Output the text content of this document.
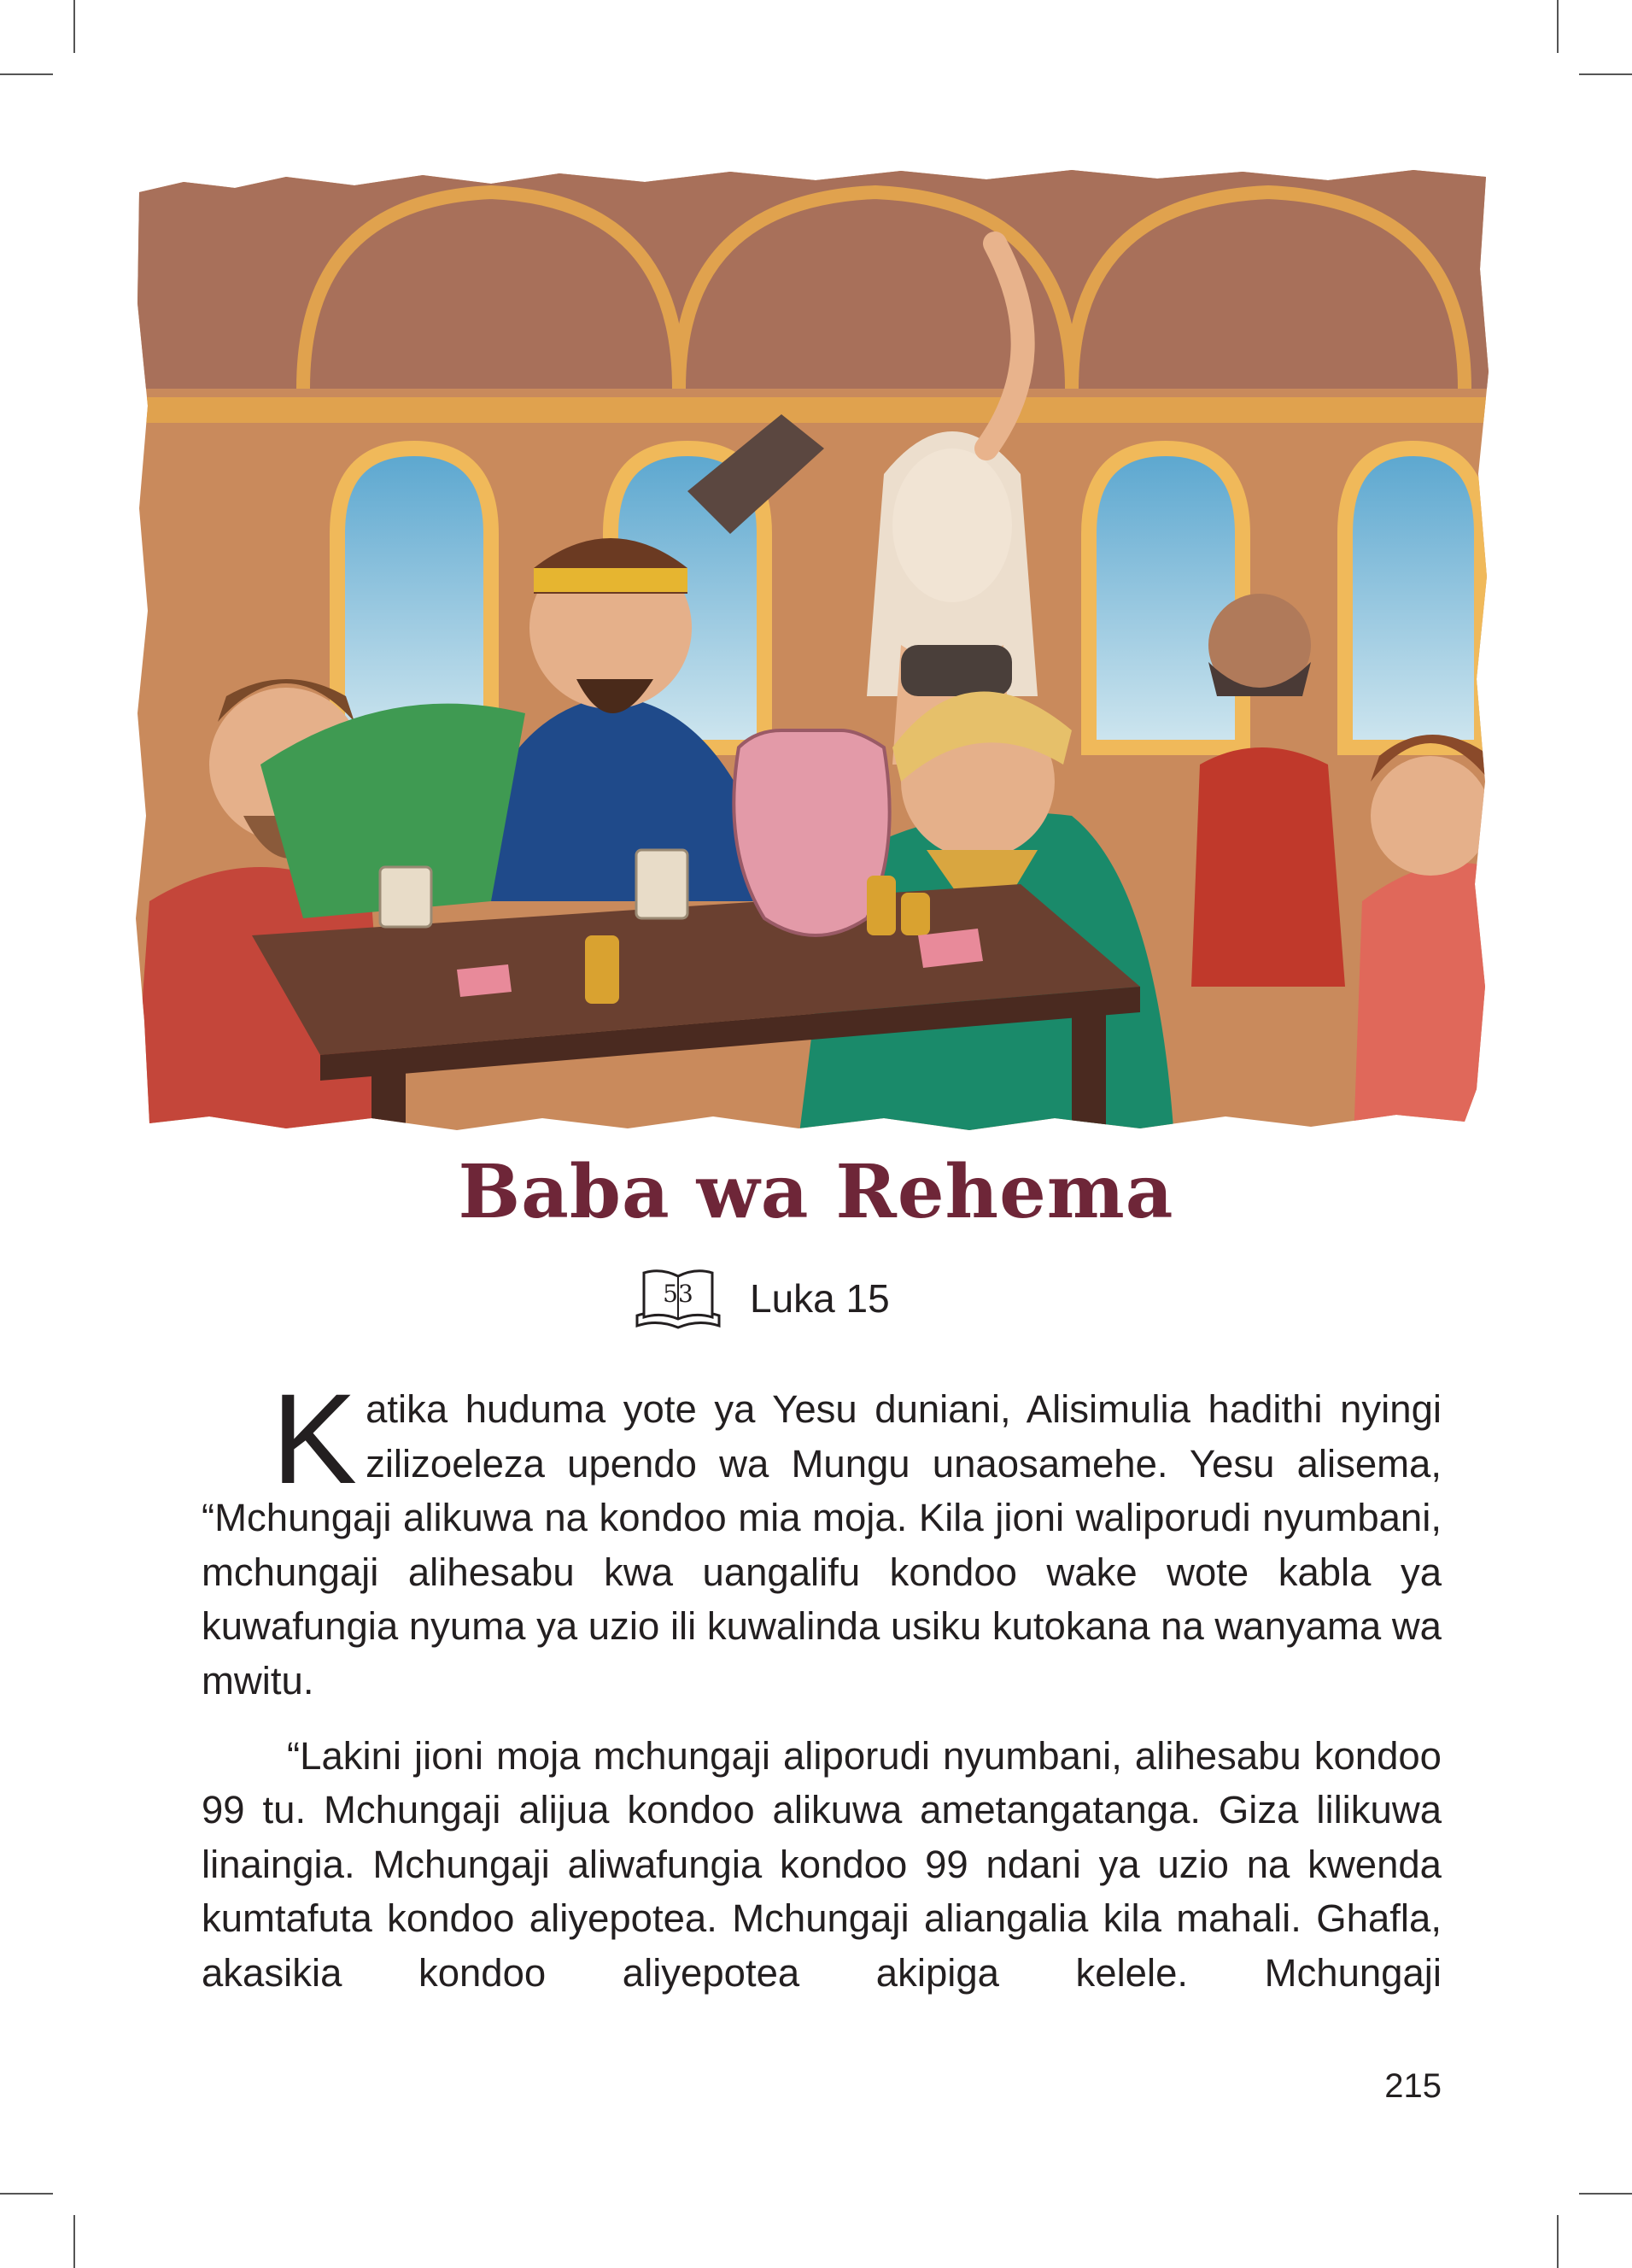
Baba wa Rehema
53 Luka 15

Katika huduma yote ya Yesu duniani, Alisimulia hadithi nyingi zilizoeleza upendo wa Mungu unaosamehe. Yesu alisema, “Mchungaji alikuwa na kondoo mia moja. Kila jioni waliporudi nyumbani, mchungaji alihesabu kwa uangalifu kondoo wake wote kabla ya kuwafungia nyuma ya uzio ili kuwalinda usiku kutokana na wanyama wa mwitu.

“Lakini jioni moja mchungaji aliporudi nyumbani, alihesabu kondoo 99 tu. Mchungaji alijua kondoo alikuwa ametangatanga. Giza lilikuwa linaingia. Mchungaji aliwafungia kondoo 99 ndani ya uzio na kwenda kumtafuta kondoo aliyepotea. Mchungaji aliangalia kila mahali. Ghafla, akasikia kondoo aliyepotea akipiga kelele. Mchungaji

215
